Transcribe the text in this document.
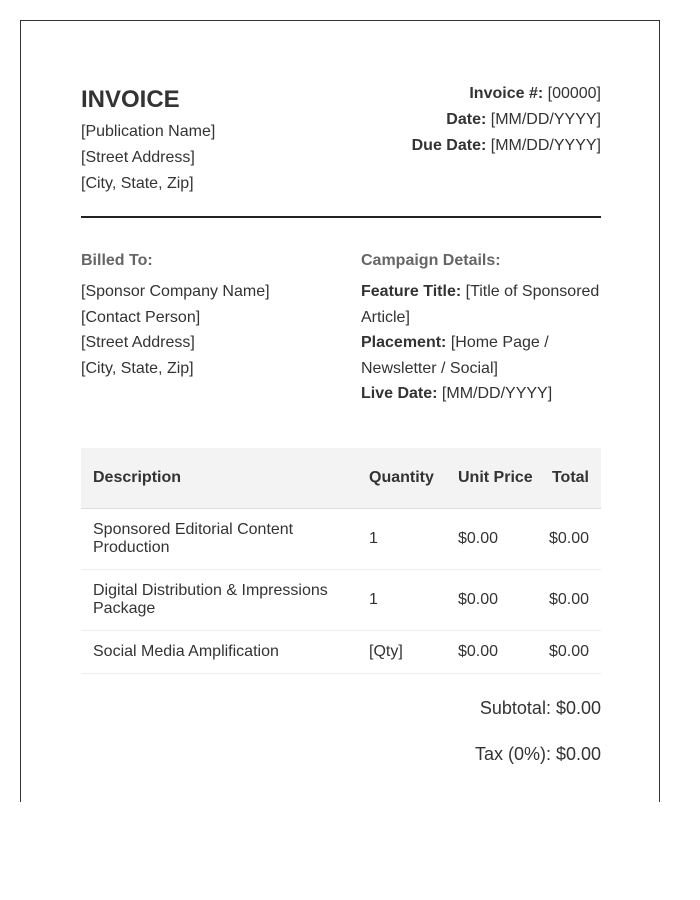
INVOICE
[Publication Name]
[Street Address]
[City, State, Zip]
Invoice #: [00000]
Date: [MM/DD/YYYY]
Due Date: [MM/DD/YYYY]
Billed To:
[Sponsor Company Name]
[Contact Person]
[Street Address]
[City, State, Zip]
Campaign Details:
Feature Title: [Title of Sponsored Article]
Placement: [Home Page / Newsletter / Social]
Live Date: [MM/DD/YYYY]
Description	Quantity	Unit Price	Total
Sponsored Editorial Content Production	1	$0.00	$0.00
Digital Distribution & Impressions Package	1	$0.00	$0.00
Social Media Amplification	[Qty]	$0.00	$0.00
Subtotal: $0.00
Tax (0%): $0.00
